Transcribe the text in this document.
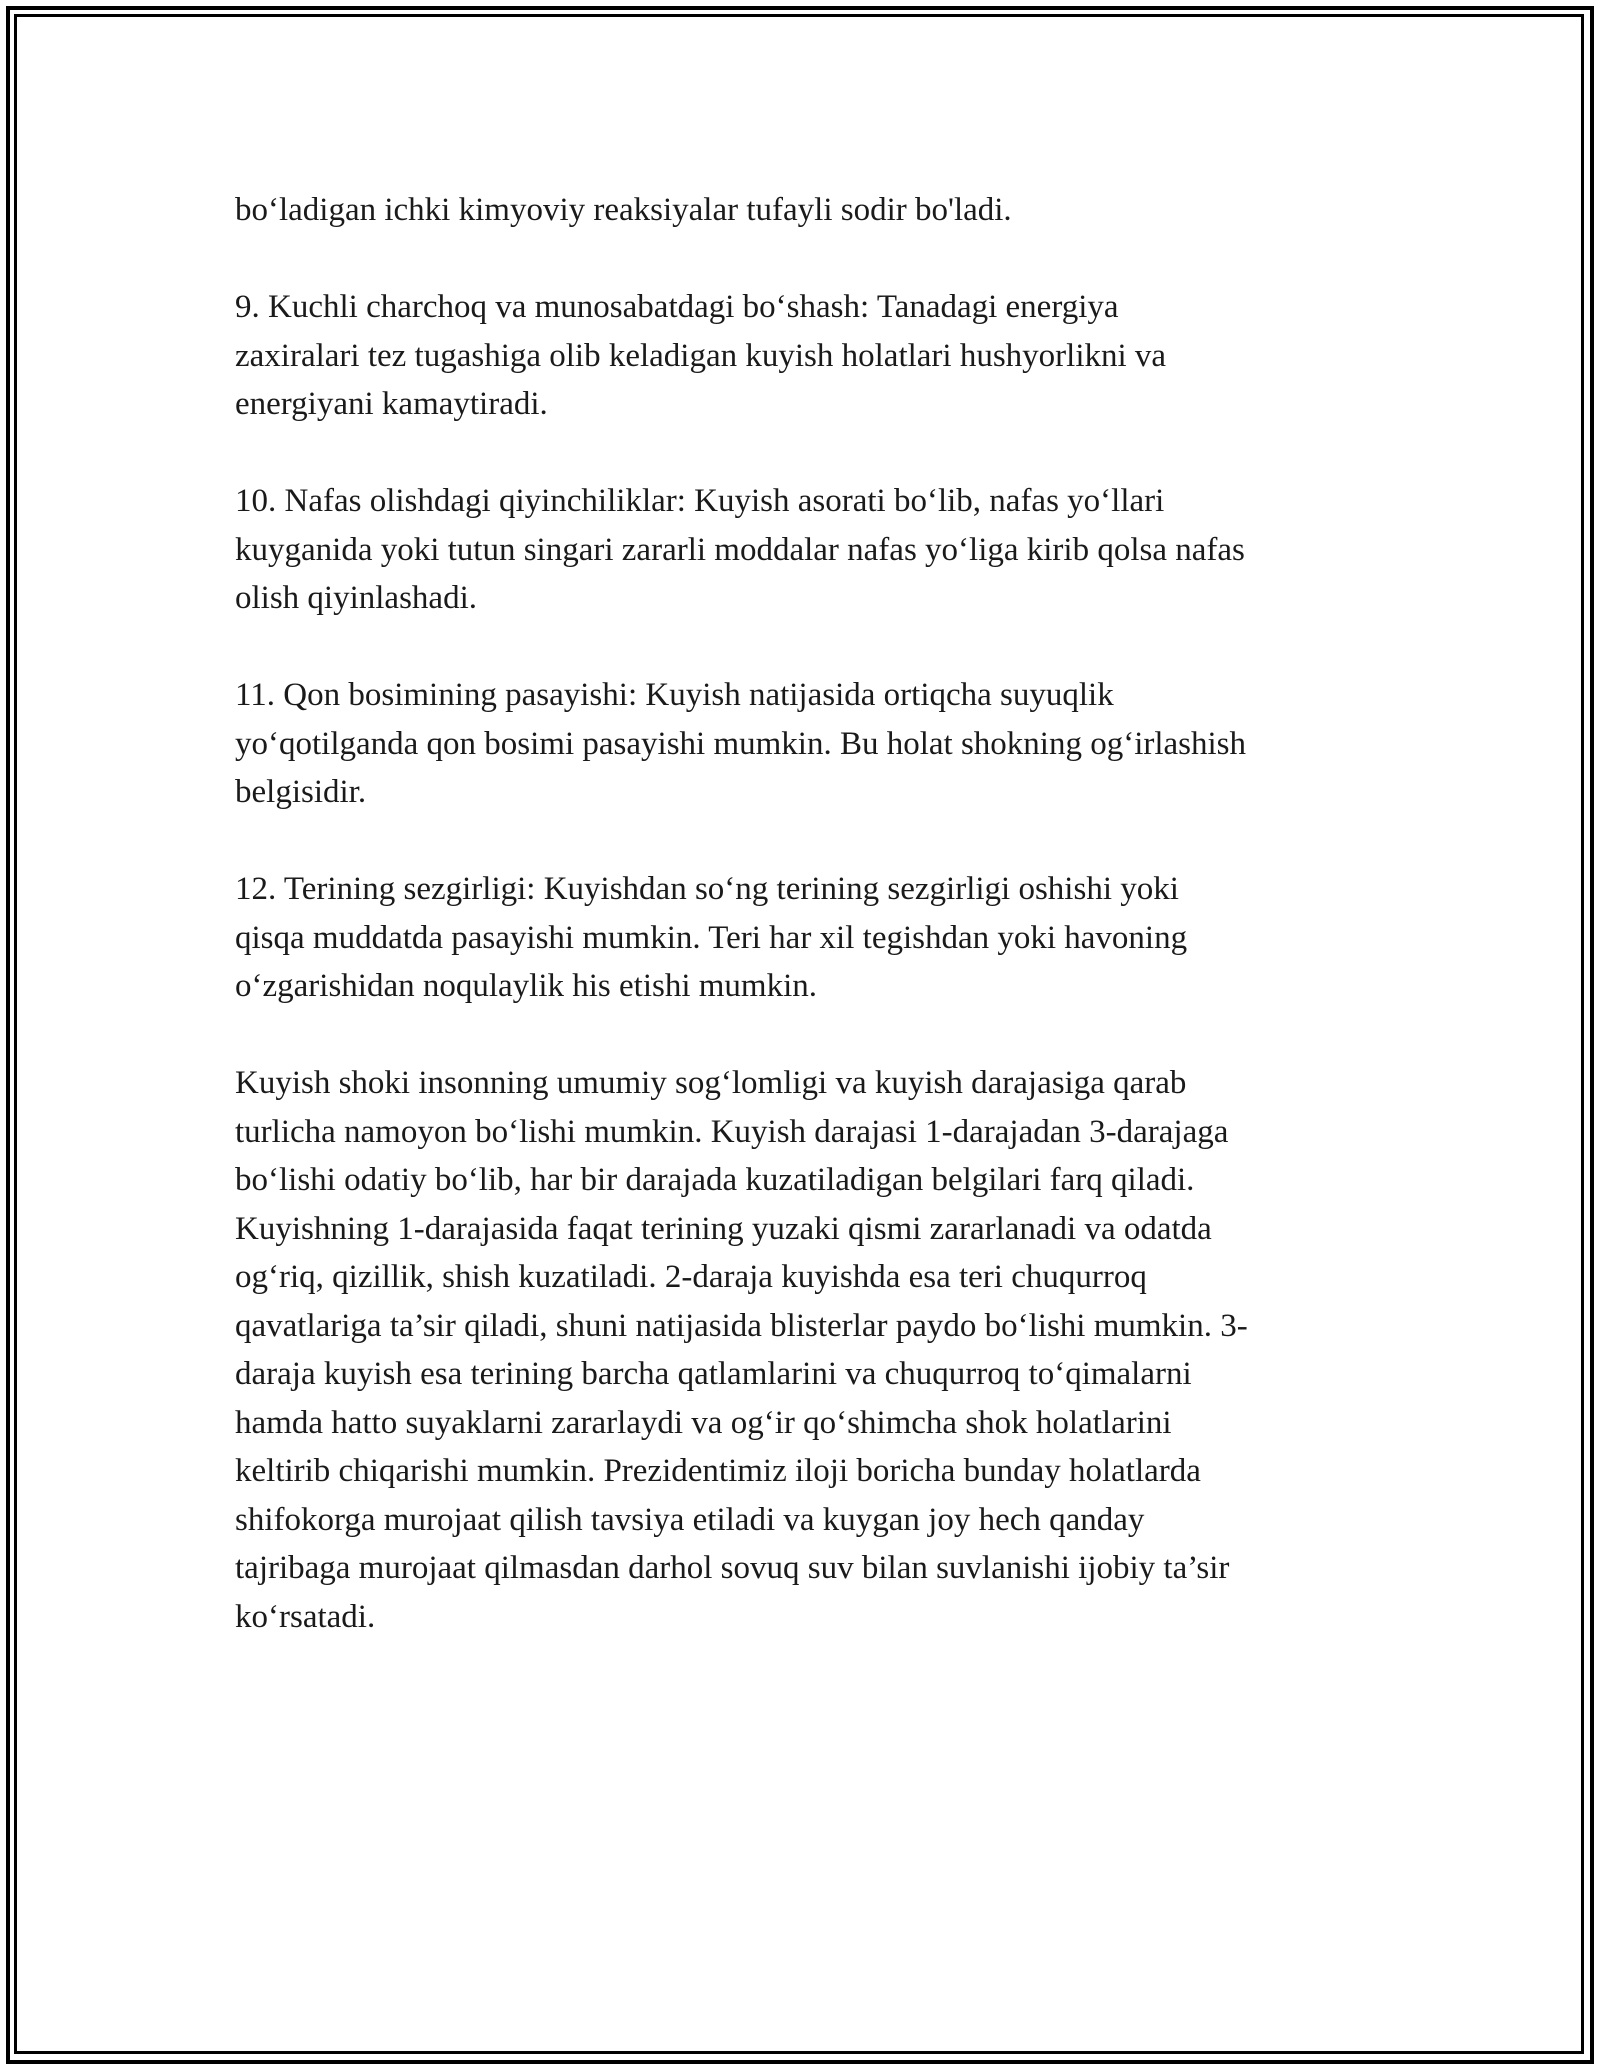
bo‘ladigan ichki kimyoviy reaksiyalar tufayli sodir bo'ladi.

9. Kuchli charchoq va munosabatdagi bo‘shash: Tanadagi energiya
zaxiralari tez tugashiga olib keladigan kuyish holatlari hushyorlikni va
energiyani kamaytiradi.

10. Nafas olishdagi qiyinchiliklar: Kuyish asorati bo‘lib, nafas yo‘llari
kuyganida yoki tutun singari zararli moddalar nafas yo‘liga kirib qolsa nafas
olish qiyinlashadi.

11. Qon bosimining pasayishi: Kuyish natijasida ortiqcha suyuqlik
yo‘qotilganda qon bosimi pasayishi mumkin. Bu holat shokning og‘irlashish
belgisidir.

12. Terining sezgirligi: Kuyishdan so‘ng terining sezgirligi oshishi yoki
qisqa muddatda pasayishi mumkin. Teri har xil tegishdan yoki havoning
o‘zgarishidan noqulaylik his etishi mumkin.

Kuyish shoki insonning umumiy sog‘lomligi va kuyish darajasiga qarab
turlicha namoyon bo‘lishi mumkin. Kuyish darajasi 1-darajadan 3-darajaga
bo‘lishi odatiy bo‘lib, har bir darajada kuzatiladigan belgilari farq qiladi.
Kuyishning 1-darajasida faqat terining yuzaki qismi zararlanadi va odatda
og‘riq, qizillik, shish kuzatiladi. 2-daraja kuyishda esa teri chuqurroq
qavatlariga ta’sir qiladi, shuni natijasida blisterlar paydo bo‘lishi mumkin. 3-
daraja kuyish esa terining barcha qatlamlarini va chuqurroq to‘qimalarni
hamda hatto suyaklarni zararlaydi va og‘ir qo‘shimcha shok holatlarini
keltirib chiqarishi mumkin. Prezidentimiz iloji boricha bunday holatlarda
shifokorga murojaat qilish tavsiya etiladi va kuygan joy hech qanday
tajribaga murojaat qilmasdan darhol sovuq suv bilan suvlanishi ijobiy ta’sir
ko‘rsatadi.
